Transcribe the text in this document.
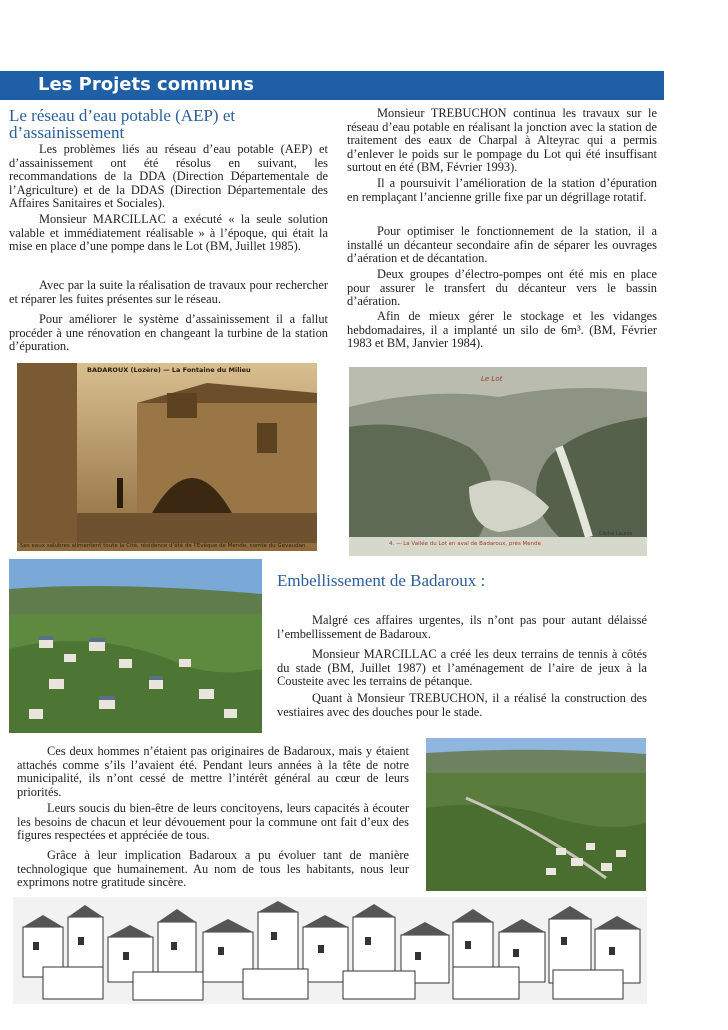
Les Projets communs
Le réseau d’eau potable (AEP) et d’assainissement

Les problèmes liés au réseau d’eau potable (AEP) et d’assainissement ont été résolus en suivant, les recommandations de la DDA (Direction Départementale de l’Agriculture) et de la DDAS (Direction Départementale des Affaires Sanitaires et Sociales).

Monsieur MARCILLAC a exécuté « la seule solution valable et immédiatement réalisable » à l’époque, qui était la mise en place d’une pompe dans le Lot (BM, Juillet 1985).

Avec par la suite la réalisation de travaux pour rechercher et réparer les fuites présentes sur le réseau.

Pour améliorer le système d’assainissement il a fallut procéder à une rénovation en changeant la turbine de la station d’épuration.

Monsieur TREBUCHON continua les travaux sur le réseau d’eau potable en réalisant la jonction avec la station de traitement des eaux de Charpal à Alteyrac qui a permis d’enlever le poids sur le pompage du Lot qui été insuffisant surtout en été (BM, Février 1993).

Il a poursuivit l’amélioration de la station d’épuration en remplaçant l’ancienne grille fixe par un dégrillage rotatif.

Pour optimiser le fonctionnement de la station, il a installé un décanteur secondaire afin de séparer les ouvrages d’aération et de décantation.

Deux groupes d’électro-pompes ont été mis en place pour assurer le transfert du décanteur vers le bassin d’aération.

Afin de mieux gérer le stockage et les vidanges hebdomadaires, il a implanté un silo de 6m³. (BM, Février 1983 et BM, Janvier 1984).

BADAROUX (Lozère) — La Fontaine du Milieu
Ses eaux salubres alimentent toute la Cité, résidence d’été de l’Evêque de Mende, comte du Gévaudan
Le Lot
4. — La Vallée du Lot en aval de Badaroux, près Mende
Cliché Laurès
Embellissement de Badaroux :

Malgré ces affaires urgentes, ils n’ont pas pour autant délaissé l’embellissement de Badaroux.

Monsieur MARCILLAC a créé les deux terrains de tennis à côtés du stade (BM, Juillet 1987) et l’aménagement de l’aire de jeux à la Cousteite avec les terrains de pétanque.

Quant à Monsieur TREBUCHON, il a réalisé la construction des vestiaires avec des douches pour le stade.

Ces deux hommes n’étaient pas originaires de Badaroux, mais y étaient attachés comme s’ils l’avaient été. Pendant leurs années à la tête de notre municipalité, ils n’ont cessé de mettre l’intérêt général au cœur de leurs priorités.

Leurs soucis du bien-être de leurs concitoyens, leurs capacités à écouter les besoins de chacun et leur dévouement pour la commune ont fait d’eux des figures respectées et appréciée de tous.

Grâce à leur implication Badaroux a pu évoluer tant de manière technologique que humainement. Au nom de tous les habitants, nous leur exprimons notre gratitude sincère.
